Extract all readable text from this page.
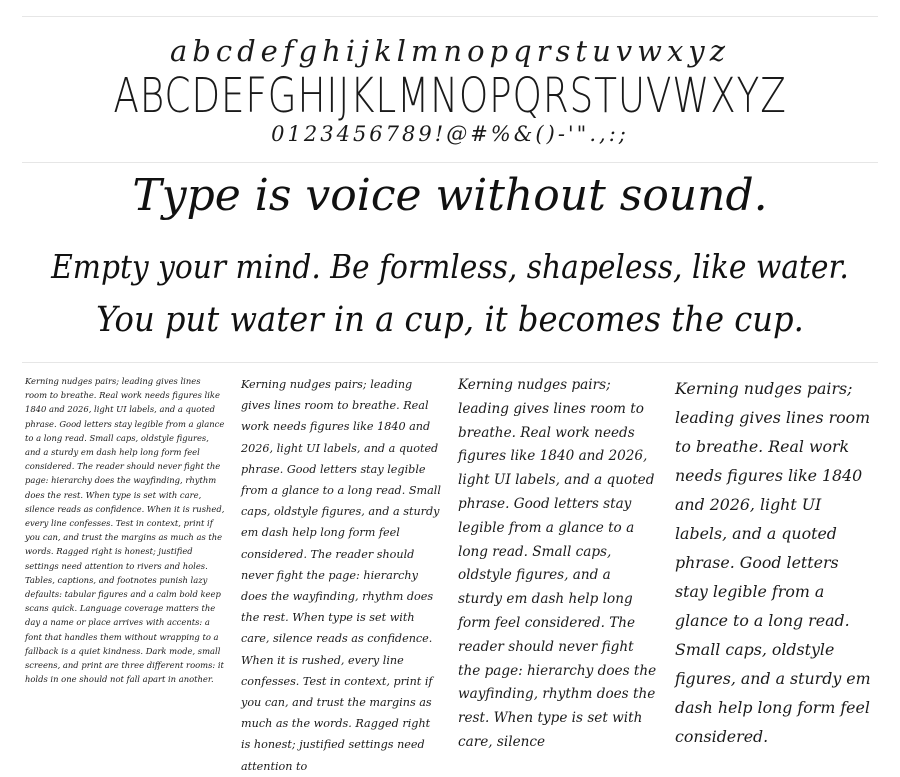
abcdefghijklmnopqrstuvwxyz
ABCDEFGHIJKLMNOPQRSTUVWXYZ
0123456789!@#%&()-'".,:;
Type is voice without sound.
Empty your mind. Be formless, shapeless, like water.
You put water in a cup, it becomes the cup.
Kerning nudges pairs; leading gives lines room to breathe. Real work needs figures like 1840 and 2026, light UI labels, and a quoted phrase. Good letters stay legible from a glance to a long read. Small caps, oldstyle figures, and a sturdy em dash help long form feel considered. The reader should never fight the page: hierarchy does the wayfinding, rhythm does the rest. When type is set with care, silence reads as confidence. When it is rushed, every line confesses. Test in context, print if you can, and trust the margins as much as the words. Ragged right is honest; justified settings need attention to rivers and holes. Tables, captions, and footnotes punish lazy defaults: tabular figures and a calm bold keep scans quick. Language coverage matters the day a name or place arrives with accents: a font that handles them without wrapping to a fallback is a quiet kindness. Dark mode, small screens, and print are three different rooms: it holds in one should not fall apart in another.
Kerning nudges pairs; leading gives lines room to breathe. Real work needs figures like 1840 and 2026, light UI labels, and a quoted phrase. Good letters stay legible from a glance to a long read. Small caps, oldstyle figures, and a sturdy em dash help long form feel considered. The reader should never fight the page: hierarchy does the wayfinding, rhythm does the rest. When type is set with care, silence reads as confidence. When it is rushed, every line confesses. Test in context, print if you can, and trust the margins as much as the words. Ragged right is honest; justified settings need attention to
Kerning nudges pairs; leading gives lines room to breathe. Real work needs figures like 1840 and 2026, light UI labels, and a quoted phrase. Good letters stay legible from a glance to a long read. Small caps, oldstyle figures, and a sturdy em dash help long form feel considered. The reader should never fight the page: hierarchy does the wayfinding, rhythm does the rest. When type is set with care, silence
Kerning nudges pairs; leading gives lines room to breathe. Real work needs figures like 1840 and 2026, light UI labels, and a quoted phrase. Good letters stay legible from a glance to a long read. Small caps, oldstyle figures, and a sturdy em dash help long form feel considered.
